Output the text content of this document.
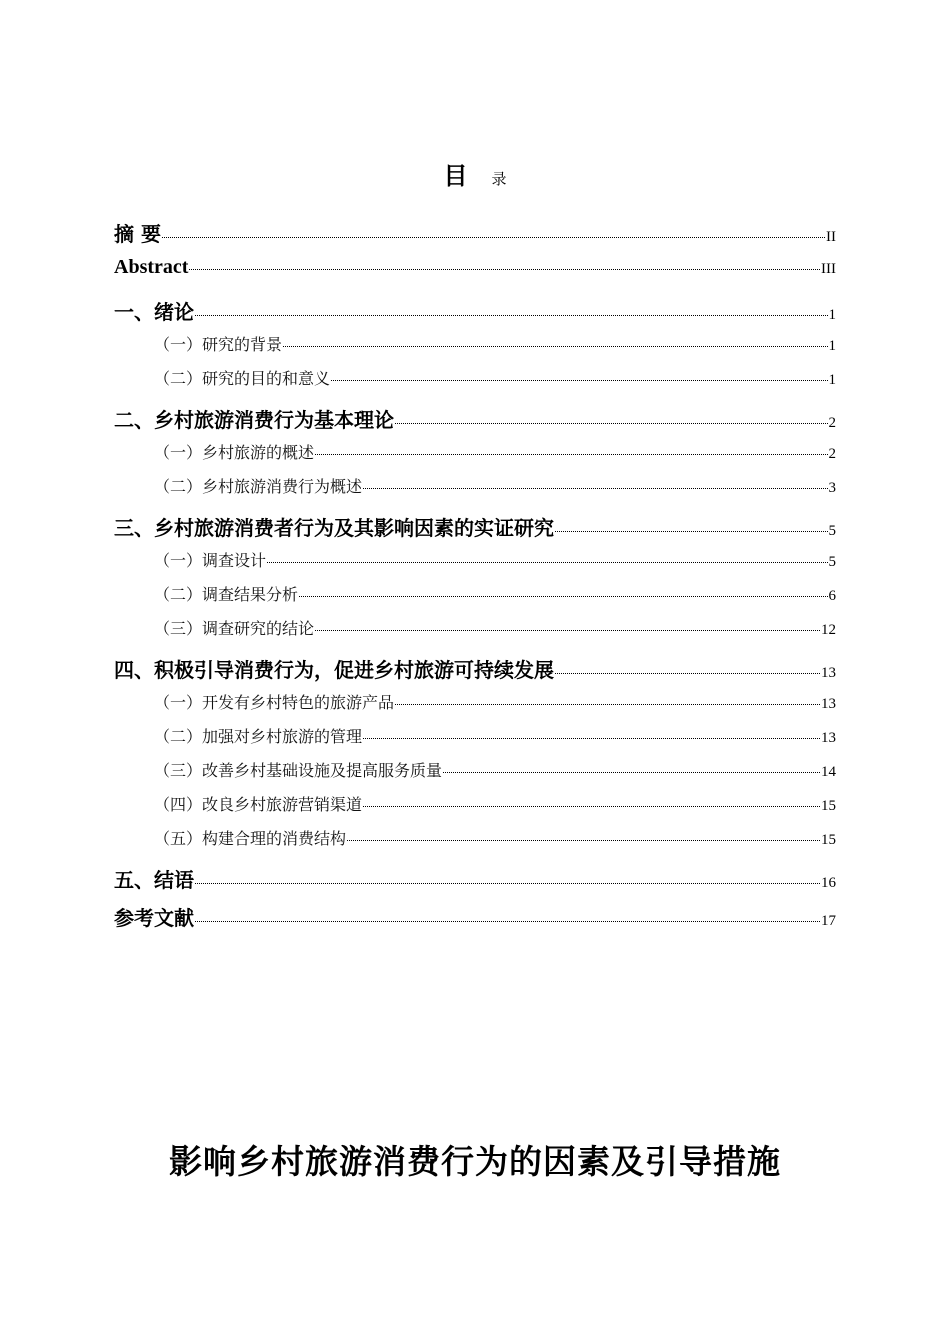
目 录
摘 要	II
Abstract	III
一、绪论	1
（一）研究的背景	1
（二）研究的目的和意义	1
二、乡村旅游消费行为基本理论	2
（一）乡村旅游的概述	2
（二）乡村旅游消费行为概述	3
三、乡村旅游消费者行为及其影响因素的实证研究	5
（一）调查设计	5
（二）调查结果分析	6
（三）调查研究的结论	12
四、积极引导消费行为，促进乡村旅游可持续发展	13
（一）开发有乡村特色的旅游产品	13
（二）加强对乡村旅游的管理	13
（三）改善乡村基础设施及提高服务质量	14
（四）改良乡村旅游营销渠道	15
（五）构建合理的消费结构	15
五、结语	16
参考文献	17
影响乡村旅游消费行为的因素及引导措施
